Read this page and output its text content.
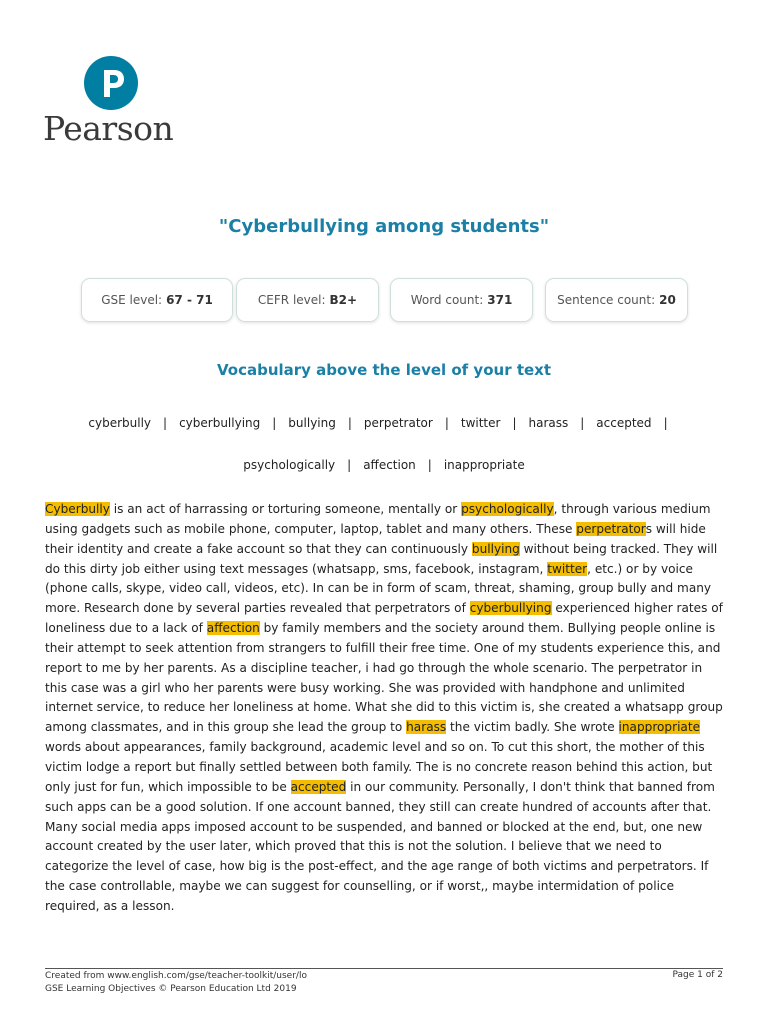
Pearson
"Cyberbullying among students"
GSE level: 67 - 71	CEFR level: B2+	Word count: 371	Sentence count: 20
Vocabulary above the level of your text
cyberbully | cyberbullying | bullying | perpetrator | twitter | harass | accepted |
psychologically | affection | inappropriate
Cyberbully is an act of harrassing or torturing someone, mentally or psychologically, through various medium using gadgets such as mobile phone, computer, laptop, tablet and many others. These perpetrators will hide their identity and create a fake account so that they can continuously bullying without being tracked. They will do this dirty job either using text messages (whatsapp, sms, facebook, instagram, twitter, etc.) or by voice (phone calls, skype, video call, videos, etc). In can be in form of scam, threat, shaming, group bully and many more. Research done by several parties revealed that perpetrators of cyberbullying experienced higher rates of loneliness due to a lack of affection by family members and the society around them. Bullying people online is their attempt to seek attention from strangers to fulfill their free time. One of my students experience this, and report to me by her parents. As a discipline teacher, i had go through the whole scenario. The perpetrator in this case was a girl who her parents were busy working. She was provided with handphone and unlimited internet service, to reduce her loneliness at home. What she did to this victim is, she created a whatsapp group among classmates, and in this group she lead the group to harass the victim badly. She wrote inappropriate words about appearances, family background, academic level and so on. To cut this short, the mother of this victim lodge a report but finally settled between both family. The is no concrete reason behind this action, but only just for fun, which impossible to be accepted in our community. Personally, I don't think that banned from such apps can be a good solution. If one account banned, they still can create hundred of accounts after that. Many social media apps imposed account to be suspended, and banned or blocked at the end, but, one new account created by the user later, which proved that this is not the solution. I believe that we need to categorize the level of case, how big is the post-effect, and the age range of both victims and perpetrators. If the case controllable, maybe we can suggest for counselling, or if worst,, maybe intermidation of police required, as a lesson.
Created from www.english.com/gse/teacher-toolkit/user/lo
GSE Learning Objectives © Pearson Education Ltd 2019
Page 1 of 2
